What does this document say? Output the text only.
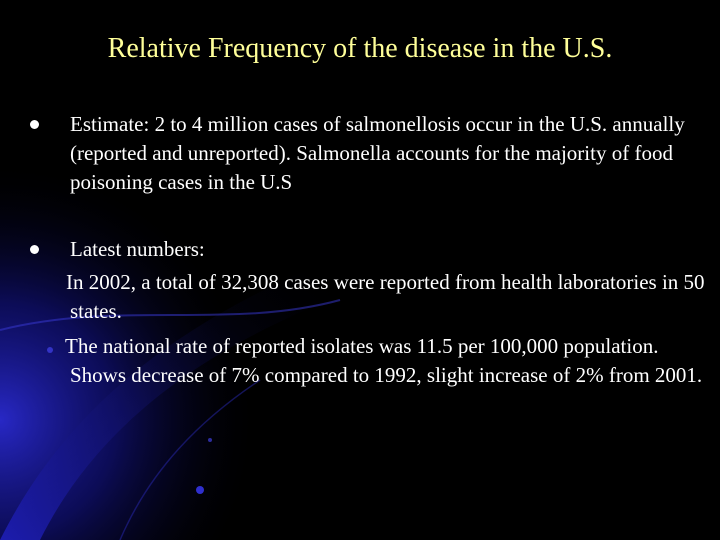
Relative Frequency of the disease in the U.S.
Estimate: 2 to 4 million cases of salmonellosis occur in the U.S. annually (reported and unreported). Salmonella accounts for the majority of food poisoning cases in the U.S
Latest numbers:
In 2002, a total of 32,308 cases were reported from health laboratories in 50 states.
The national rate of reported isolates was 11.5 per 100,000 population. Shows decrease of 7% compared to 1992, slight increase of 2% from 2001.
